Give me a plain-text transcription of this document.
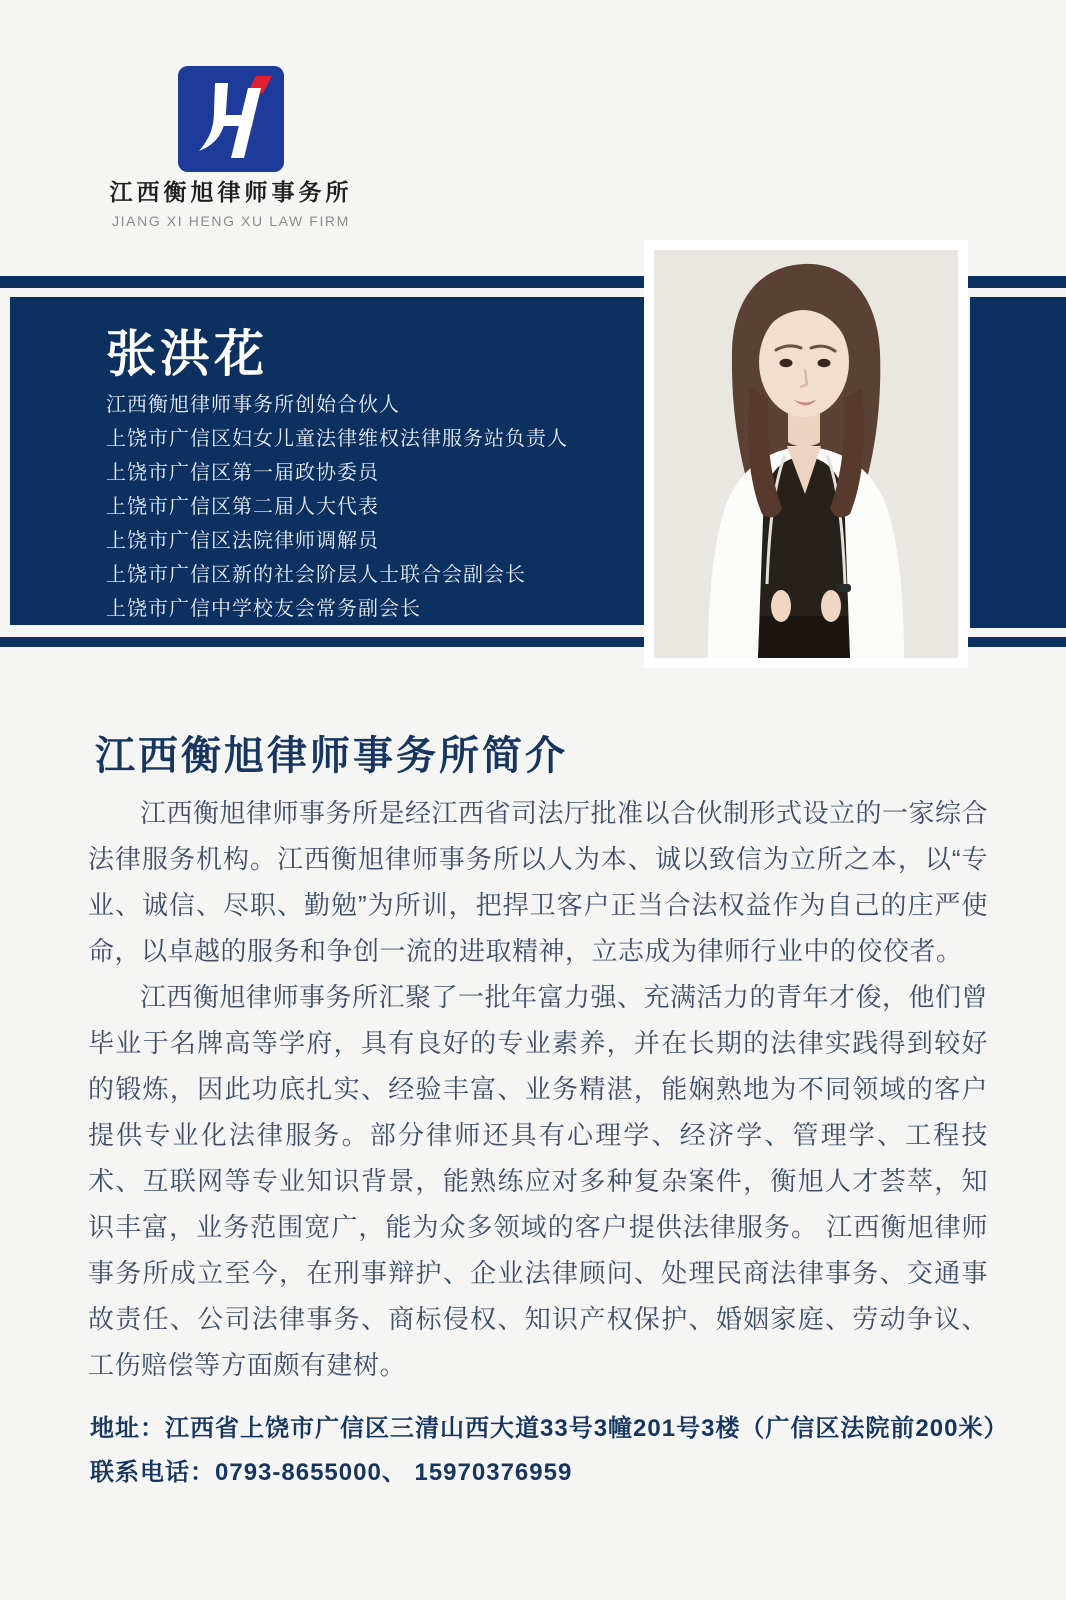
江西衡旭律师事务所
JIANG XI HENG XU LAW FIRM
张洪花
江西衡旭律师事务所创始合伙人
上饶市广信区妇女儿童法律维权法律服务站负责人
上饶市广信区第一届政协委员
上饶市广信区第二届人大代表
上饶市广信区法院律师调解员
上饶市广信区新的社会阶层人士联合会副会长
上饶市广信中学校友会常务副会长
江西衡旭律师事务所简介

江西衡旭律师事务所是经江西省司法厅批准以合伙制形式设立的一家综合法律服务机构。江西衡旭律师事务所以人为本、诚以致信为立所之本，以“专业、诚信、尽职、勤勉”为所训，把捍卫客户正当合法权益作为自己的庄严使命，以卓越的服务和争创一流的进取精神，立志成为律师行业中的佼佼者。

江西衡旭律师事务所汇聚了一批年富力强、充满活力的青年才俊，他们曾毕业于名牌高等学府，具有良好的专业素养，并在长期的法律实践得到较好的锻炼，因此功底扎实、经验丰富、业务精湛，能娴熟地为不同领域的客户提供专业化法律服务。部分律师还具有心理学、经济学、管理学、工程技术、互联网等专业知识背景，能熟练应对多种复杂案件，衡旭人才荟萃，知识丰富，业务范围宽广，能为众多领域的客户提供法律服务。 江西衡旭律师事务所成立至今，在刑事辩护、企业法律顾问、处理民商法律事务、交通事故责任、公司法律事务、商标侵权、知识产权保护、婚姻家庭、劳动争议、工伤赔偿等方面颇有建树。

地址：江西省上饶市广信区三清山西大道33号3幢201号3楼（广信区法院前200米）
联系电话：0793-8655000、 15970376959
